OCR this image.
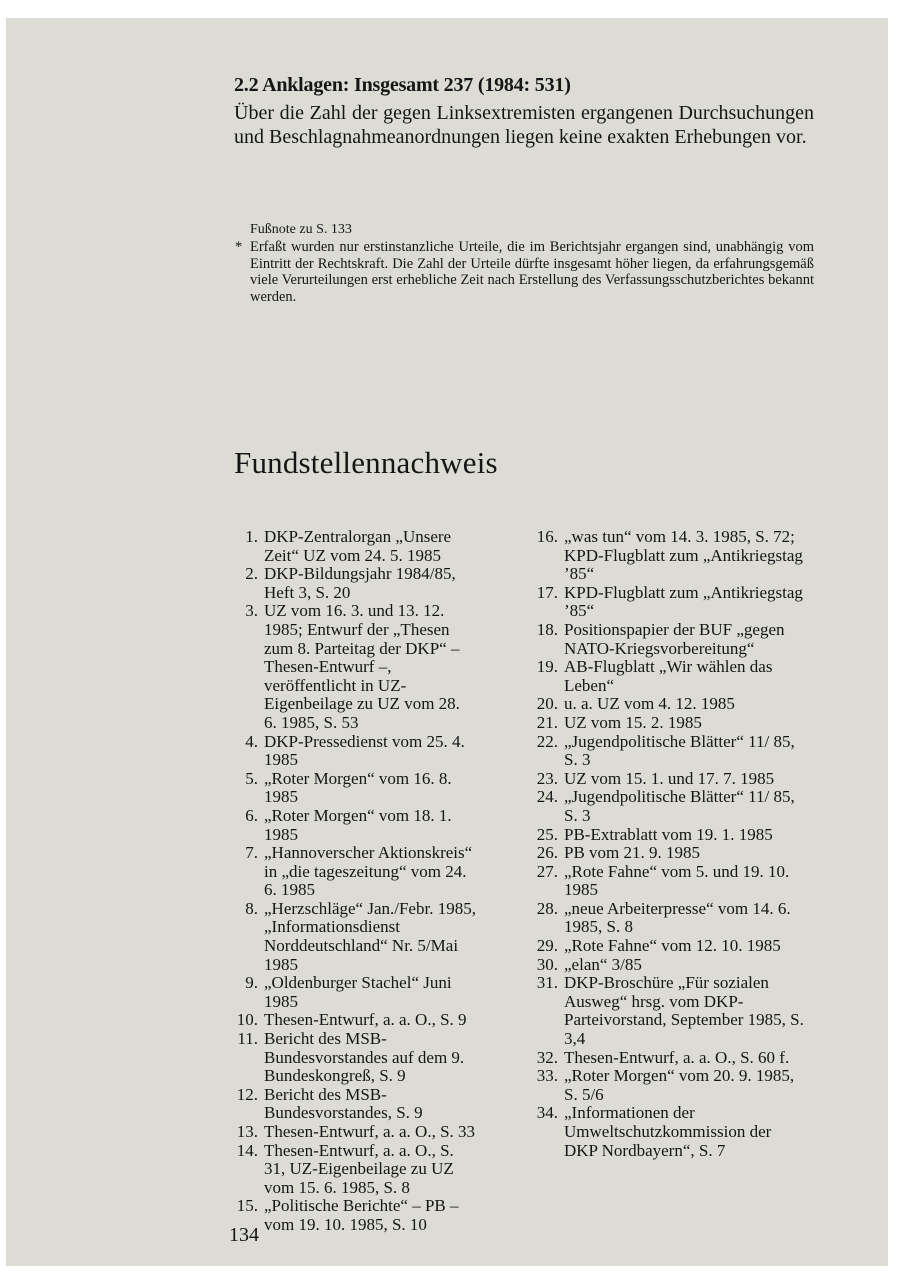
2.2 Anklagen: Insgesamt 237 (1984: 531)

Über die Zahl der gegen Linksextremisten ergangenen Durchsuchungen und Beschlagnahmeanordnungen liegen keine exakten Erhebungen vor.

Fußnote zu S. 133

* Erfaßt wurden nur erstinstanzliche Urteile, die im Berichtsjahr ergangen sind, unabhängig vom Eintritt der Rechtskraft. Die Zahl der Urteile dürfte insgesamt höher liegen, da erfahrungsgemäß viele Verurteilungen erst erhebliche Zeit nach Erstellung des Verfassungsschutzberichtes bekannt werden.

Fundstellennachweis
1. DKP-Zentralorgan „Unsere Zeit“ UZ vom 24. 5. 1985
2. DKP-Bildungsjahr 1984/85, Heft 3, S. 20
3. UZ vom 16. 3. und 13. 12. 1985; Entwurf der „Thesen zum 8. Parteitag der DKP“ – Thesen-Entwurf –, veröffentlicht in UZ-Eigenbeilage zu UZ vom 28. 6. 1985, S. 53
4. DKP-Pressedienst vom 25. 4. 1985
5. „Roter Morgen“ vom 16. 8. 1985
6. „Roter Morgen“ vom 18. 1. 1985
7. „Hannoverscher Aktionskreis“ in „die tageszeitung“ vom 24. 6. 1985
8. „Herzschläge“ Jan./Febr. 1985, „Informationsdienst Norddeutschland“ Nr. 5/Mai 1985
9. „Oldenburger Stachel“ Juni 1985
10. Thesen-Entwurf, a. a. O., S. 9
11. Bericht des MSB-Bundesvorstandes auf dem 9. Bundeskongreß, S. 9
12. Bericht des MSB-Bundesvorstandes, S. 9
13. Thesen-Entwurf, a. a. O., S. 33
14. Thesen-Entwurf, a. a. O., S. 31, UZ-Eigenbeilage zu UZ vom 15. 6. 1985, S. 8
15. „Politische Berichte“ – PB – vom 19. 10. 1985, S. 10
16. „was tun“ vom 14. 3. 1985, S. 72; KPD-Flugblatt zum „Antikriegstag ’85“
17. KPD-Flugblatt zum „Antikriegstag ’85“
18. Positionspapier der BUF „gegen NATO-Kriegsvorbereitung“
19. AB-Flugblatt „Wir wählen das Leben“
20. u. a. UZ vom 4. 12. 1985
21. UZ vom 15. 2. 1985
22. „Jugendpolitische Blätter“ 11/ 85, S. 3
23. UZ vom 15. 1. und 17. 7. 1985
24. „Jugendpolitische Blätter“ 11/ 85, S. 3
25. PB-Extrablatt vom 19. 1. 1985
26. PB vom 21. 9. 1985
27. „Rote Fahne“ vom 5. und 19. 10. 1985
28. „neue Arbeiterpresse“ vom 14. 6. 1985, S. 8
29. „Rote Fahne“ vom 12. 10. 1985
30. „elan“ 3/85
31. DKP-Broschüre „Für sozialen Ausweg“ hrsg. vom DKP-Parteivorstand, September 1985, S. 3,4
32. Thesen-Entwurf, a. a. O., S. 60 f.
33. „Roter Morgen“ vom 20. 9. 1985, S. 5/6
34. „Informationen der Umweltschutzkommission der DKP Nordbayern“, S. 7

134
